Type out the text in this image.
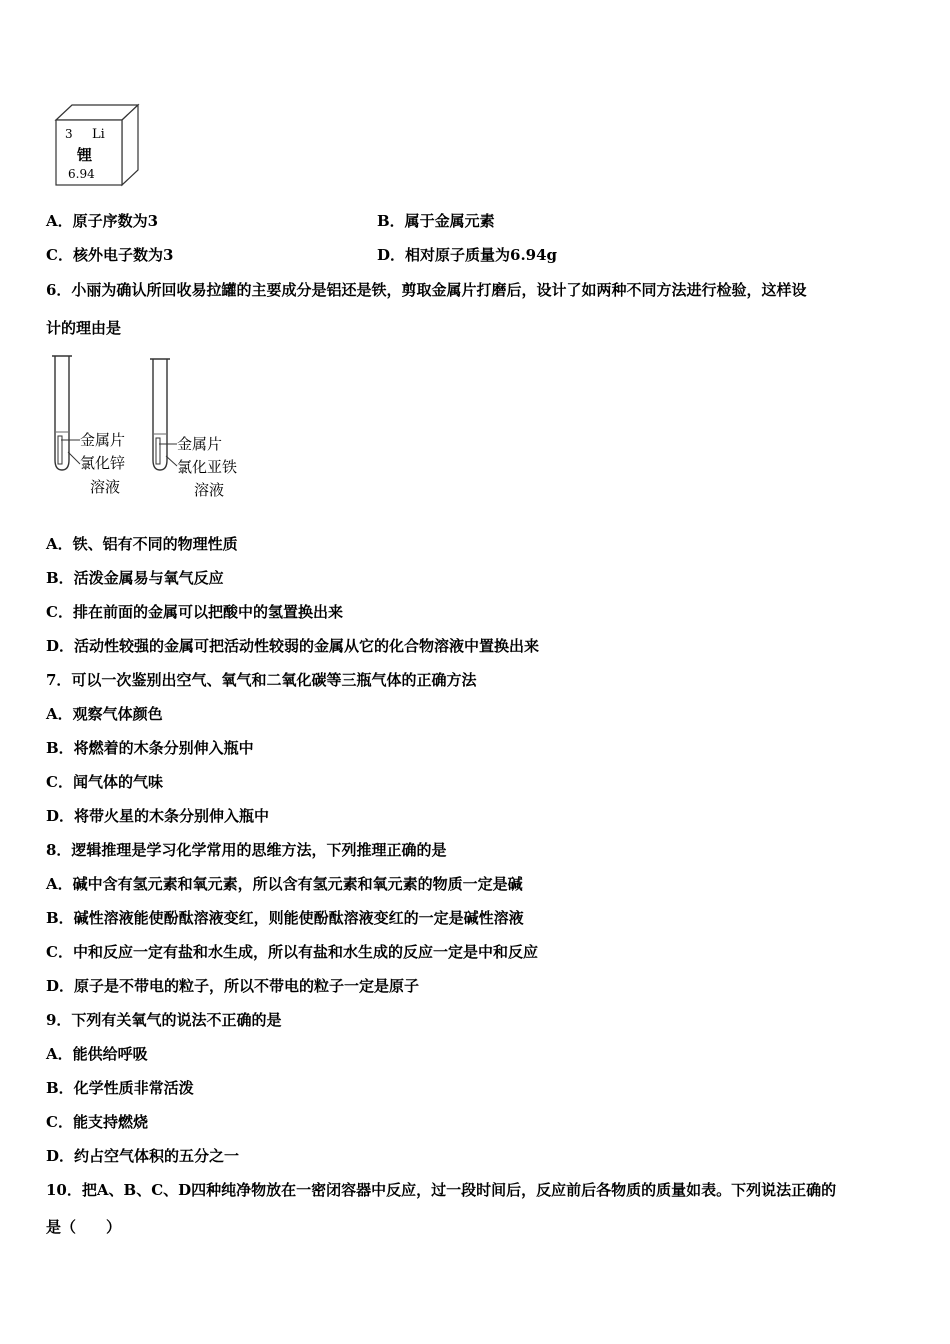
3 Li
锂
6.94
A．原子序数为3	B．属于金属元素
C．核外电子数为3	D．相对原子质量为6.94g
6．小丽为确认所回收易拉罐的主要成分是铝还是铁，剪取金属片打磨后，设计了如两种不同方法进行检验，这样设
计的理由是
金属片
氯化锌
溶液
金属片
氯化亚铁
溶液
A．铁、铝有不同的物理性质
B．活泼金属易与氧气反应
C．排在前面的金属可以把酸中的氢置换出来
D．活动性较强的金属可把活动性较弱的金属从它的化合物溶液中置换出来
7．可以一次鉴别出空气、氧气和二氧化碳等三瓶气体的正确方法
A．观察气体颜色
B．将燃着的木条分别伸入瓶中
C．闻气体的气味
D．将带火星的木条分别伸入瓶中
8．逻辑推理是学习化学常用的思维方法，下列推理正确的是
A．碱中含有氢元素和氧元素，所以含有氢元素和氧元素的物质一定是碱
B．碱性溶液能使酚酞溶液变红，则能使酚酞溶液变红的一定是碱性溶液
C．中和反应一定有盐和水生成，所以有盐和水生成的反应一定是中和反应
D．原子是不带电的粒子，所以不带电的粒子一定是原子
9．下列有关氧气的说法不正确的是
A．能供给呼吸
B．化学性质非常活泼
C．能支持燃烧
D．约占空气体积的五分之一
10．把A、B、C、D四种纯净物放在一密闭容器中反应，过一段时间后，反应前后各物质的质量如表。下列说法正确的
是（　　）
